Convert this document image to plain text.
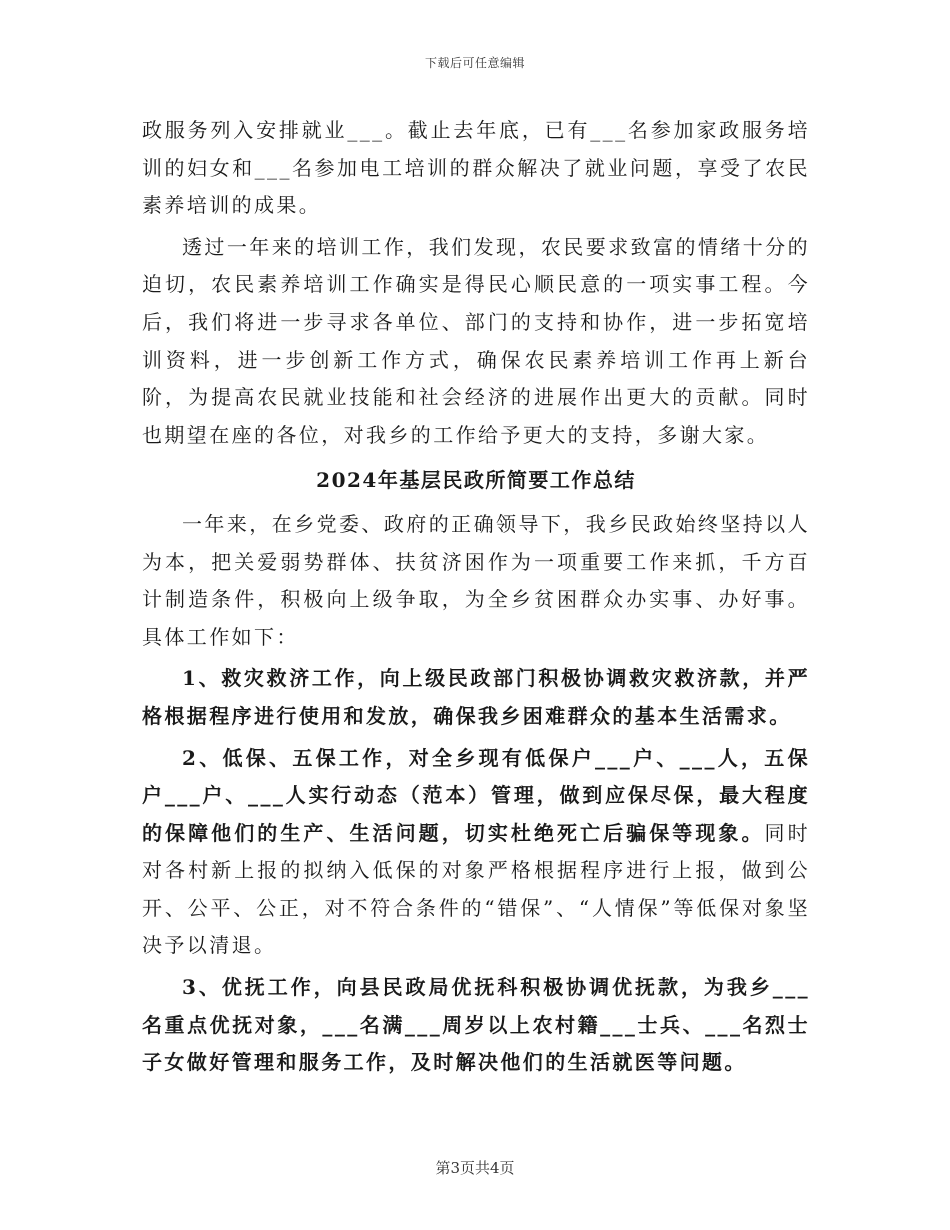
下载后可任意编辑

政服务列入安排就业___。截止去年底，已有___名参加家政服务培训的妇女和___名参加电工培训的群众解决了就业问题，享受了农民素养培训的成果。

透过一年来的培训工作，我们发现，农民要求致富的情绪十分的迫切，农民素养培训工作确实是得民心顺民意的一项实事工程。今后，我们将进一步寻求各单位、部门的支持和协作，进一步拓宽培训资料，进一步创新工作方式，确保农民素养培训工作再上新台阶，为提高农民就业技能和社会经济的进展作出更大的贡献。同时也期望在座的各位，对我乡的工作给予更大的支持，多谢大家。

2024年基层民政所简要工作总结

一年来，在乡党委、政府的正确领导下，我乡民政始终坚持以人为本，把关爱弱势群体、扶贫济困作为一项重要工作来抓，千方百计制造条件，积极向上级争取，为全乡贫困群众办实事、办好事。具体工作如下：

1、救灾救济工作，向上级民政部门积极协调救灾救济款，并严格根据程序进行使用和发放，确保我乡困难群众的基本生活需求。

2、低保、五保工作，对全乡现有低保户___户、___人，五保户___户、___人实行动态（范本）管理，做到应保尽保，最大程度的保障他们的生产、生活问题，切实杜绝死亡后骗保等现象。同时对各村新上报的拟纳入低保的对象严格根据程序进行上报，做到公开、公平、公正，对不符合条件的“错保”、“人情保”等低保对象坚决予以清退。

3、优抚工作，向县民政局优抚科积极协调优抚款，为我乡___名重点优抚对象，___名满___周岁以上农村籍___士兵、___名烈士子女做好管理和服务工作，及时解决他们的生活就医等问题。

第3页共4页
